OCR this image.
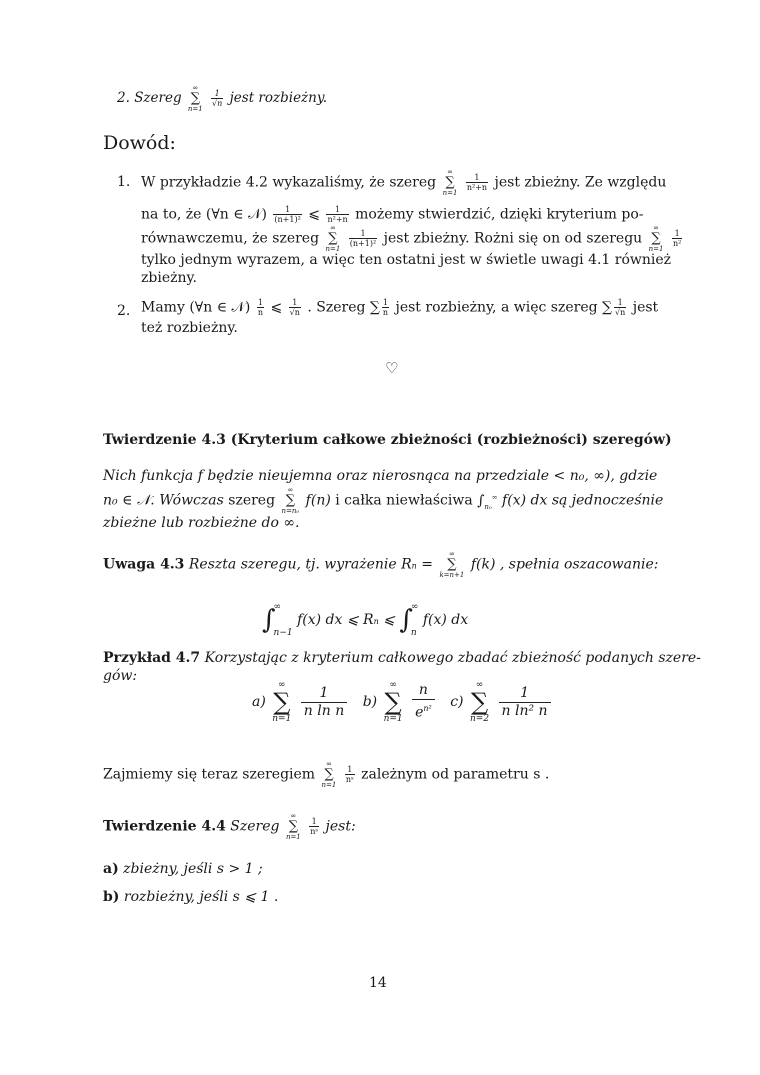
2. Szereg
∞
∑
n=1

$\frac{1}{√n}$ jest rozbieżny.
Dowód:
1. W przykładzie 4.2 wykazaliśmy, że szereg
∞
∑
n=1

$\frac{1}{\text{n²+n}}$ jest zbieżny. Ze względu
na to, że (∀n ∈ 𝒩) $\frac{1}{\text{(n+1)²}}$ ⩽ $\frac{1}{\text{n²+n}}$ możemy stwierdzić, dzięki kryterium po-
równawczemu, że szereg
∞
∑
n=1

$\frac{1}{\text{(n+1)²}}$ jest zbieżny. Rożni się on od szeregu
∞
∑
n=1

$\frac{1}{\text{n²}}$
tylko jednym wyrazem, a więc ten ostatni jest w świetle uwagi 4.1 również
zbieżny.
2. Mamy (∀n ∈ 𝒩) $\frac{1}{n}$ ⩽ $\frac{1}{√n}$ . Szereg ∑ $\frac{1}{n}$ jest rozbieżny, a więc szereg ∑ $\frac{1}{√n}$ jest
też rozbieżny.
♡
Twierdzenie 4.3 (Kryterium całkowe zbieżności (rozbieżności) szeregów)
Nich funkcja f będzie nieujemna oraz nierosnąca na przedziale < n₀, ∞), gdzie
n₀ ∈ 𝒩. Wówczas szereg
∞
∑
n=n₀
f(n) i całka niewłaściwa $\int_{n_0}^\infty$ f(x) dx są jednocześnie
zbieżne lub rozbieżne do ∞.
Uwaga 4.3 Reszta szeregu, tj. wyrażenie Rn =
∞
∑
k=n+1
f(k) , spełnia oszacowanie:
∫
∞
n−1
f(x) dx ⩽ Rn ⩽ ∫
∞
n
f(x) dx
Przykład 4.7 Korzystając z kryterium całkowego zbadać zbieżność podanych szere-
gów:
a)
∞
∑
n=1
$\frac{1}{\text{n ln n}} b$)
∞
∑
n=1
$\frac{n}{e^{n^2}} c$)
∞
∑
n=2
$\frac{1}{\text{n ln² n}}$
Zajmiemy się teraz szeregiem
∞
∑
n=1

$\frac{1}{\text{nˢ}}$ zależnym od parametru s .
Twierdzenie 4.4 Szereg
∞
∑
n=1

$\frac{1}{\text{nˢ}}$ jest:
a) zbieżny, jeśli s > 1 ;
b) rozbieżny, jeśli s ⩽ 1 .
14
